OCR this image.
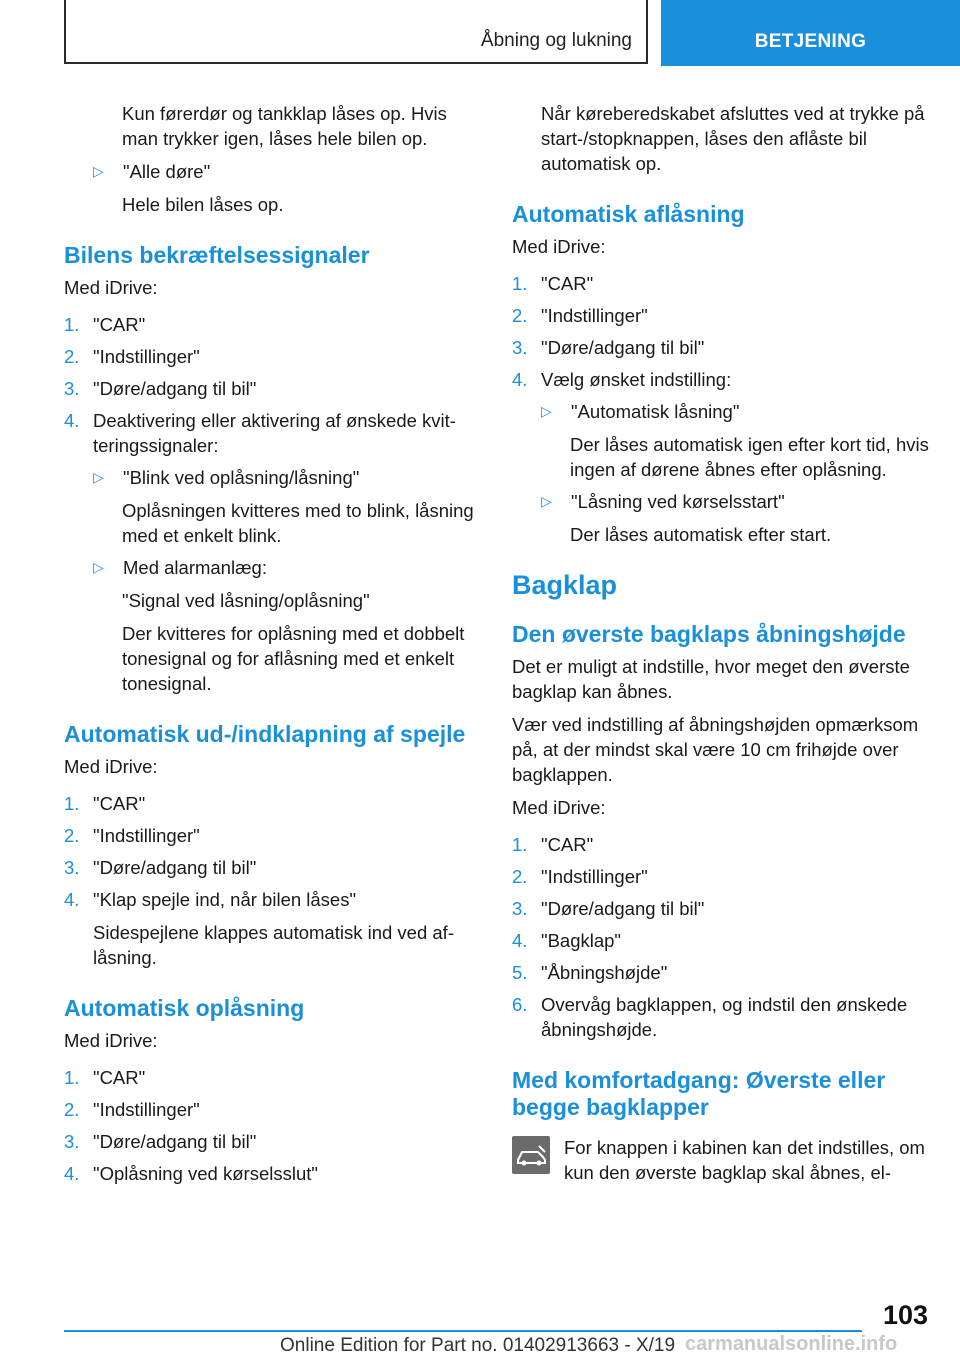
Åbning og lukning	BETJENING

Kun førerdør og tankklap låses op. Hvis man trykker igen, låses hele bilen op.

▷	"Alle døre"

Hele bilen låses op.

Bilens bekræftelsessignaler

Med iDrive:

1. "CAR"
2. "Indstillinger"
3. "Døre/adgang til bil"
4. Deaktivering eller aktivering af ønskede kvitteringssignaler:
▷	"Blink ved oplåsning/låsning"

Oplåsningen kvitteres med to blink, låsning med et enkelt blink.

▷	Med alarmanlæg:

"Signal ved låsning/oplåsning"

Der kvitteres for oplåsning med et dobbelt tonesignal og for aflåsning med et enkelt tonesignal.

Automatisk ud-/indklapning af spejle

Med iDrive:

1. "CAR"
2. "Indstillinger"
3. "Døre/adgang til bil"
4. "Klap spejle ind, når bilen låses"

Sidespejlene klappes automatisk ind ved aflåsning.

Automatisk oplåsning

Med iDrive:

1. "CAR"
2. "Indstillinger"
3. "Døre/adgang til bil"
4. "Oplåsning ved kørselsslut"

Når køreberedskabet afsluttes ved at trykke på start-/stopknappen, låses den aflåste bil automatisk op.

Automatisk aflåsning

Med iDrive:

1. "CAR"
2. "Indstillinger"
3. "Døre/adgang til bil"
4. Vælg ønsket indstilling:
▷	"Automatisk låsning"

Der låses automatisk igen efter kort tid, hvis ingen af dørene åbnes efter oplåsning.

▷	"Låsning ved kørselsstart"

Der låses automatisk efter start.

Bagklap
Den øverste bagklaps åbningshøjde

Det er muligt at indstille, hvor meget den øverste bagklap kan åbnes.

Vær ved indstilling af åbningshøjden opmærksom på, at der mindst skal være 10 cm frihøjde over bagklappen.

Med iDrive:

1. "CAR"
2. "Indstillinger"
3. "Døre/adgang til bil"
4. "Bagklap"
5. "Åbningshøjde"
6. Overvåg bagklappen, og indstil den ønskede åbningshøjde.
Med komfortadgang: Øverste eller begge bagklapper
For knappen i kabinen kan det indstilles, om kun den øverste bagklap skal åbnes, el-
103
Online Edition for Part no. 01402913663 - X/19 carmanualsonline.info
